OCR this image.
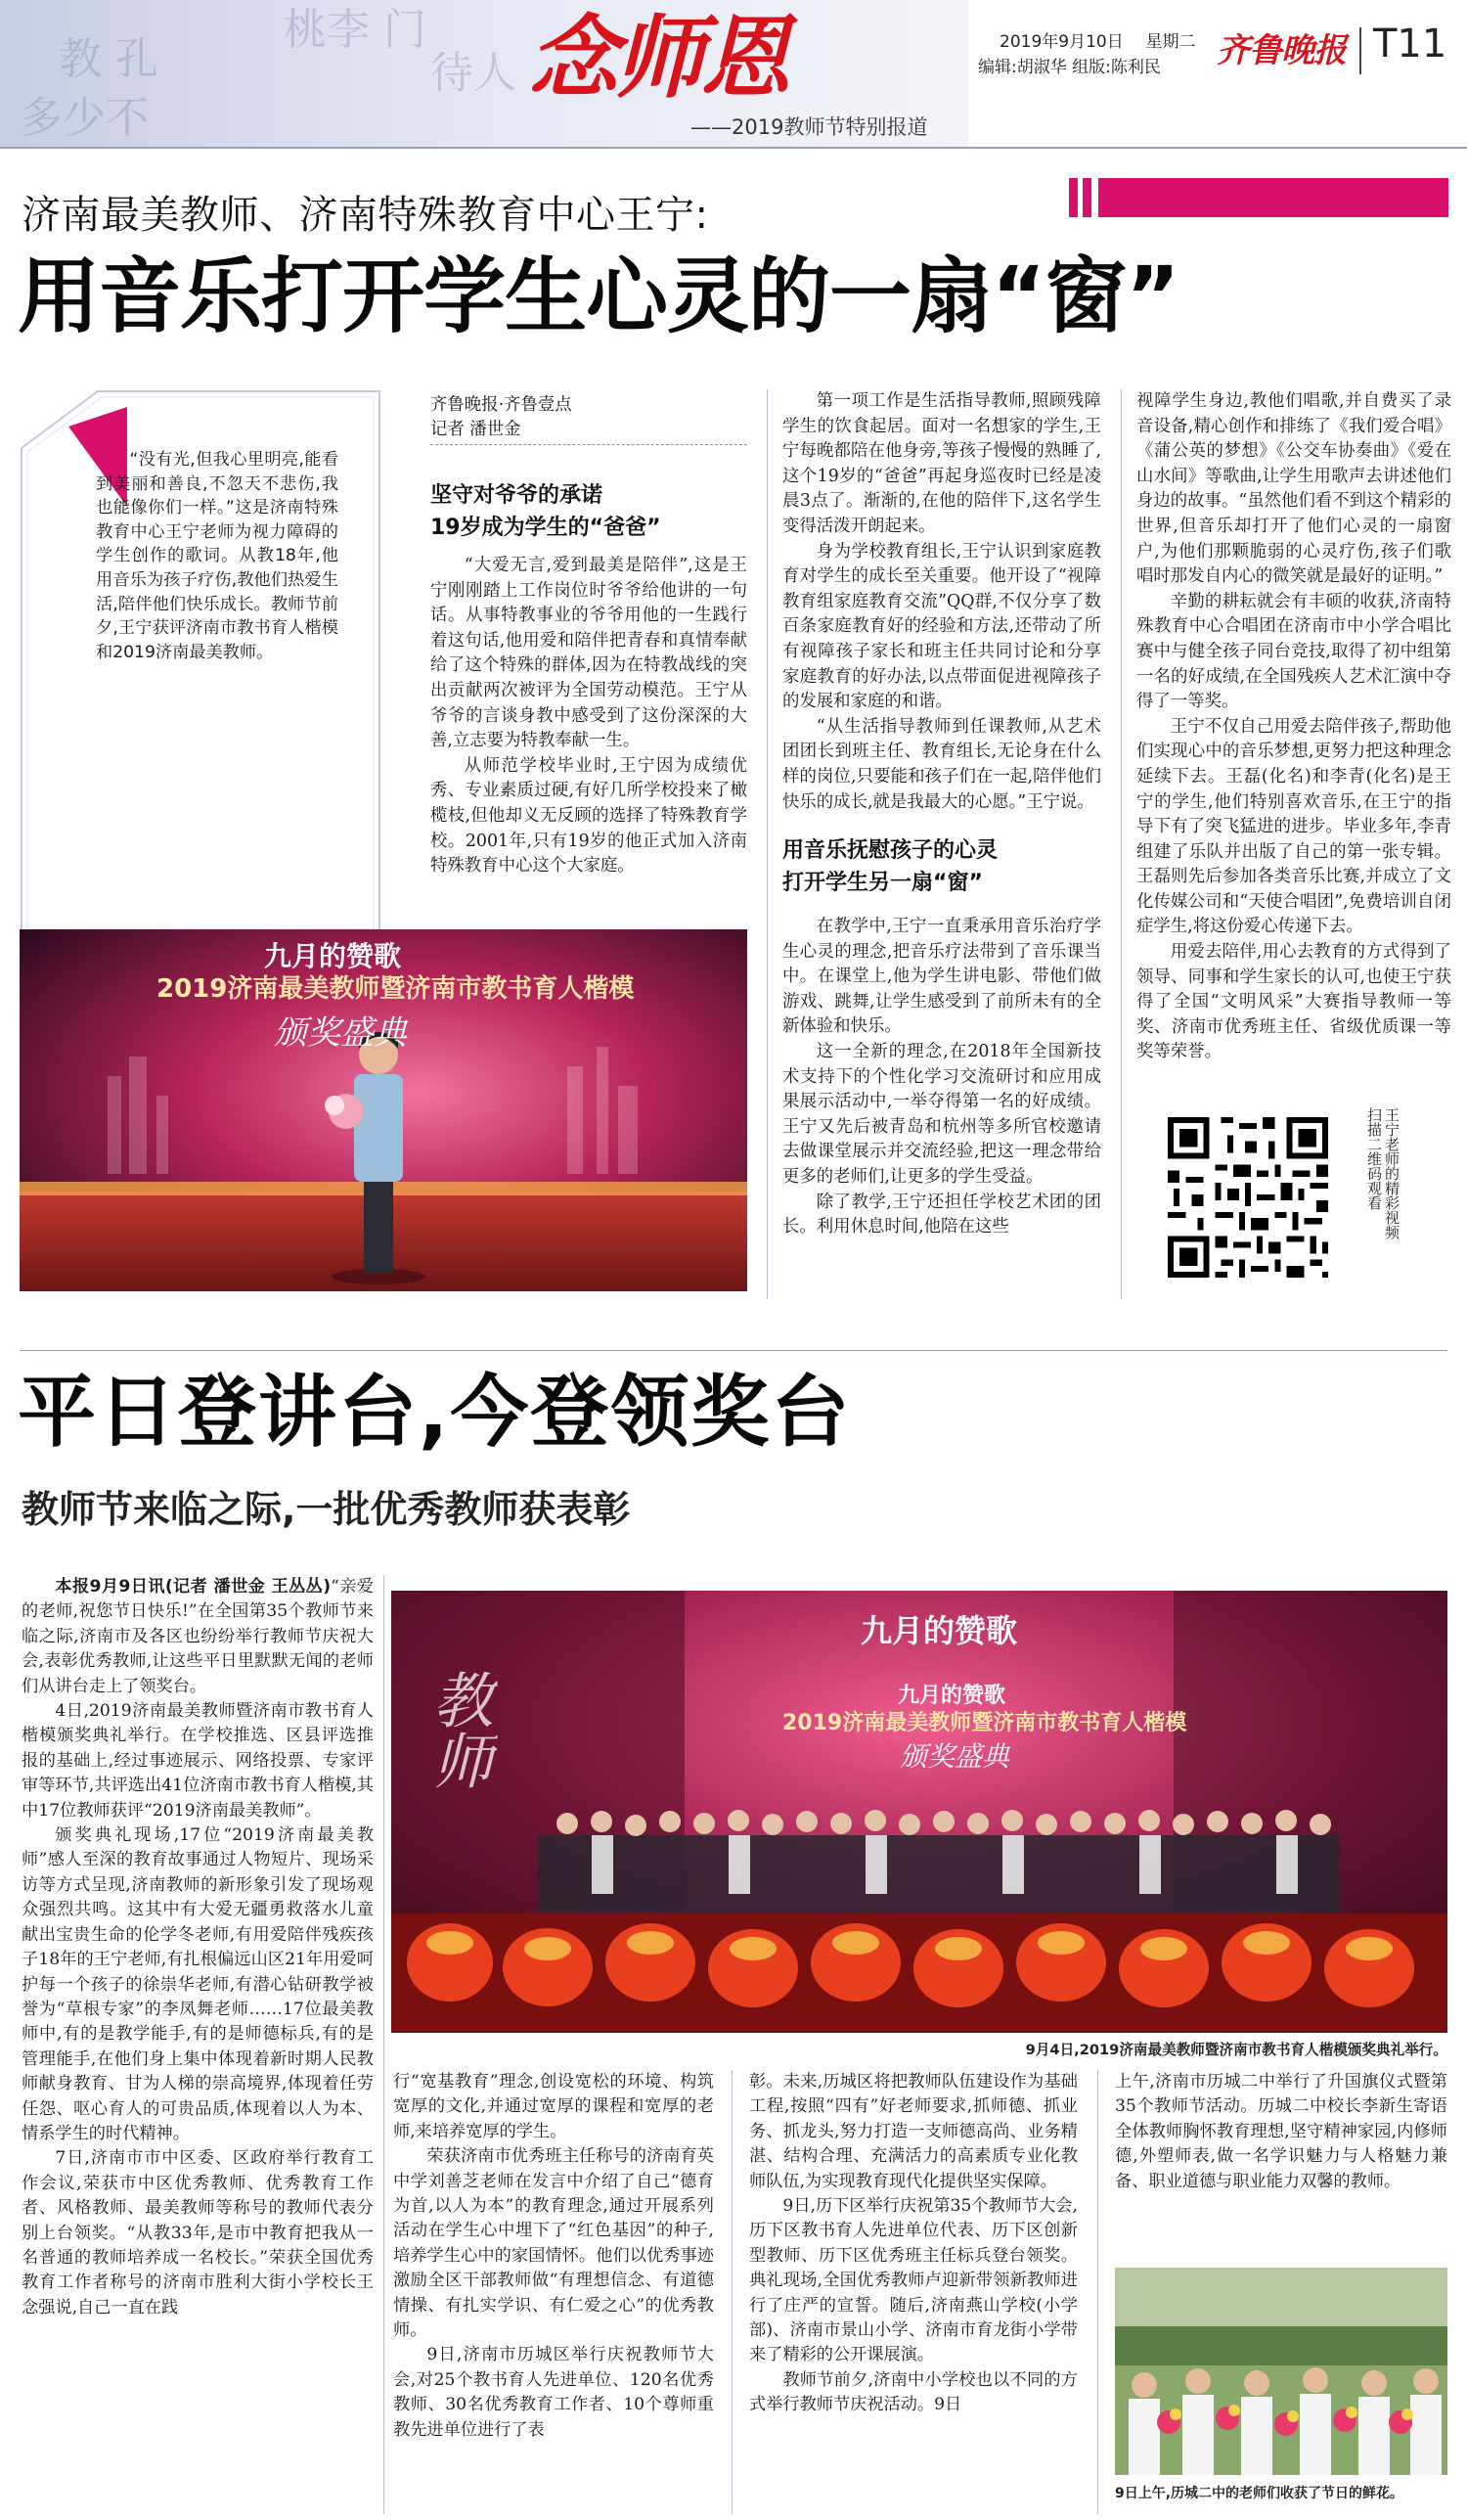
桃李 门
教 孔	待人
多少不
念师恩
——2019教师节特别报道
2019年9月10日 星期二
编辑:胡淑华 组版:陈利民 齐鲁晚报 T11
济南最美教师、济南特殊教育中心王宁:
用音乐打开学生心灵的一扇“窗”

“没有光,但我心里明亮,能看到美丽和善良,不忽天不悲伤,我也能像你们一样。”这是济南特殊教育中心王宁老师为视力障碍的学生创作的歌词。从教18年,他用音乐为孩子疗伤,教他们热爱生活,陪伴他们快乐成长。教师节前夕,王宁获评济南市教书育人楷模和2019济南最美教师。

齐鲁晚报·齐鲁壹点
记者 潘世金
坚守对爷爷的承诺
19岁成为学生的“爸爸”

“大爱无言,爱到最美是陪伴”,这是王宁刚刚踏上工作岗位时爷爷给他讲的一句话。从事特教事业的爷爷用他的一生践行着这句话,他用爱和陪伴把青春和真情奉献给了这个特殊的群体,因为在特教战线的突出贡献两次被评为全国劳动模范。王宁从爷爷的言谈身教中感受到了这份深深的大善,立志要为特教奉献一生。

从师范学校毕业时,王宁因为成绩优秀、专业素质过硬,有好几所学校投来了橄榄枝,但他却义无反顾的选择了特殊教育学校。2001年,只有19岁的他正式加入济南特殊教育中心这个大家庭。

第一项工作是生活指导教师,照顾残障学生的饮食起居。面对一名想家的学生,王宁每晚都陪在他身旁,等孩子慢慢的熟睡了,这个19岁的“爸爸”再起身巡夜时已经是凌晨3点了。渐渐的,在他的陪伴下,这名学生变得活泼开朗起来。

身为学校教育组长,王宁认识到家庭教育对学生的成长至关重要。他开设了“视障教育组家庭教育交流”QQ群,不仅分享了数百条家庭教育好的经验和方法,还带动了所有视障孩子家长和班主任共同讨论和分享家庭教育的好办法,以点带面促进视障孩子的发展和家庭的和谐。

“从生活指导教师到任课教师,从艺术团团长到班主任、教育组长,无论身在什么样的岗位,只要能和孩子们在一起,陪伴他们快乐的成长,就是我最大的心愿。”王宁说。

用音乐抚慰孩子的心灵
打开学生另一扇“窗”

在教学中,王宁一直秉承用音乐治疗学生心灵的理念,把音乐疗法带到了音乐课当中。在课堂上,他为学生讲电影、带他们做游戏、跳舞,让学生感受到了前所未有的全新体验和快乐。

这一全新的理念,在2018年全国新技术支持下的个性化学习交流研讨和应用成果展示活动中,一举夺得第一名的好成绩。王宁又先后被青岛和杭州等多所官校邀请去做课堂展示并交流经验,把这一理念带给更多的老师们,让更多的学生受益。

除了教学,王宁还担任学校艺术团的团长。利用休息时间,他陪在这些

视障学生身边,教他们唱歌,并自费买了录音设备,精心创作和排练了《我们爱合唱》《蒲公英的梦想》《公交车协奏曲》《爱在山水间》等歌曲,让学生用歌声去讲述他们身边的故事。“虽然他们看不到这个精彩的世界,但音乐却打开了他们心灵的一扇窗户,为他们那颗脆弱的心灵疗伤,孩子们歌唱时那发自内心的微笑就是最好的证明。”

辛勤的耕耘就会有丰硕的收获,济南特殊教育中心合唱团在济南市中小学合唱比赛中与健全孩子同台竞技,取得了初中组第一名的好成绩,在全国残疾人艺术汇演中夺得了一等奖。

王宁不仅自己用爱去陪伴孩子,帮助他们实现心中的音乐梦想,更努力把这种理念延续下去。王磊(化名)和李青(化名)是王宁的学生,他们特别喜欢音乐,在王宁的指导下有了突飞猛进的进步。毕业多年,李青组建了乐队并出版了自己的第一张专辑。王磊则先后参加各类音乐比赛,并成立了文化传媒公司和“天使合唱团”,免费培训自闭症学生,将这份爱心传递下去。

用爱去陪伴,用心去教育的方式得到了领导、同事和学生家长的认可,也使王宁获得了全国“文明风采”大赛指导教师一等奖、济南市优秀班主任、省级优质课一等奖等荣誉。

王宁老师的精彩视频
扫描二维码观看
九月的赞歌
2019济南最美教师暨济南市教书育人楷模
颁奖盛典
平日登讲台,今登领奖台
教师节来临之际,一批优秀教师获表彰

本报9月9日讯(记者 潘世金 王丛丛)“亲爱的老师,祝您节日快乐!”在全国第35个教师节来临之际,济南市及各区也纷纷举行教师节庆祝大会,表彰优秀教师,让这些平日里默默无闻的老师们从讲台走上了领奖台。

4日,2019济南最美教师暨济南市教书育人楷模颁奖典礼举行。在学校推选、区县评选推报的基础上,经过事迹展示、网络投票、专家评审等环节,共评选出41位济南市教书育人楷模,其中17位教师获评“2019济南最美教师”。

颁奖典礼现场,17位“2019济南最美教师”感人至深的教育故事通过人物短片、现场采访等方式呈现,济南教师的新形象引发了现场观众强烈共鸣。这其中有大爱无疆勇救落水儿童献出宝贵生命的伦学冬老师,有用爱陪伴残疾孩子18年的王宁老师,有扎根偏远山区21年用爱呵护每一个孩子的徐崇华老师,有潜心钻研教学被誉为“草根专家”的李凤舞老师……17位最美教师中,有的是教学能手,有的是师德标兵,有的是管理能手,在他们身上集中体现着新时期人民教师献身教育、甘为人梯的崇高境界,体现着任劳任怨、呕心育人的可贵品质,体现着以人为本、情系学生的时代精神。

7日,济南市市中区委、区政府举行教育工作会议,荣获市中区优秀教师、优秀教育工作者、风格教师、最美教师等称号的教师代表分别上台领奖。“从教33年,是市中教育把我从一名普通的教师培养成一名校长。”荣获全国优秀教育工作者称号的济南市胜利大街小学校长王念强说,自己一直在践

九月的赞歌
九月的赞歌
2019济南最美教师暨济南市教书育人楷模
颁奖盛典
教师
9月4日,2019济南最美教师暨济南市教书育人楷模颁奖典礼举行。

行“宽基教育”理念,创设宽松的环境、构筑宽厚的文化,并通过宽厚的课程和宽厚的老师,来培养宽厚的学生。

荣获济南市优秀班主任称号的济南育英中学刘善芝老师在发言中介绍了自己“德育为首,以人为本”的教育理念,通过开展系列活动在学生心中埋下了“红色基因”的种子,培养学生心中的家国情怀。他们以优秀事迹激励全区干部教师做“有理想信念、有道德情操、有扎实学识、有仁爱之心”的优秀教师。

9日,济南市历城区举行庆祝教师节大会,对25个教书育人先进单位、120名优秀教师、30名优秀教育工作者、10个尊师重教先进单位进行了表

彰。未来,历城区将把教师队伍建设作为基础工程,按照“四有”好老师要求,抓师德、抓业务、抓龙头,努力打造一支师德高尚、业务精湛、结构合理、充满活力的高素质专业化教师队伍,为实现教育现代化提供坚实保障。

9日,历下区举行庆祝第35个教师节大会,历下区教书育人先进单位代表、历下区创新型教师、历下区优秀班主任标兵登台领奖。典礼现场,全国优秀教师卢迎新带领新教师进行了庄严的宣誓。随后,济南燕山学校(小学部)、济南市景山小学、济南市育龙街小学带来了精彩的公开课展演。

教师节前夕,济南中小学校也以不同的方式举行教师节庆祝活动。9日

上午,济南市历城二中举行了升国旗仪式暨第35个教师节活动。历城二中校长李新生寄语全体教师胸怀教育理想,坚守精神家园,内修师德,外塑师表,做一名学识魅力与人格魅力兼备、职业道德与职业能力双馨的教师。

9日上午,历城二中的老师们收获了节日的鲜花。
